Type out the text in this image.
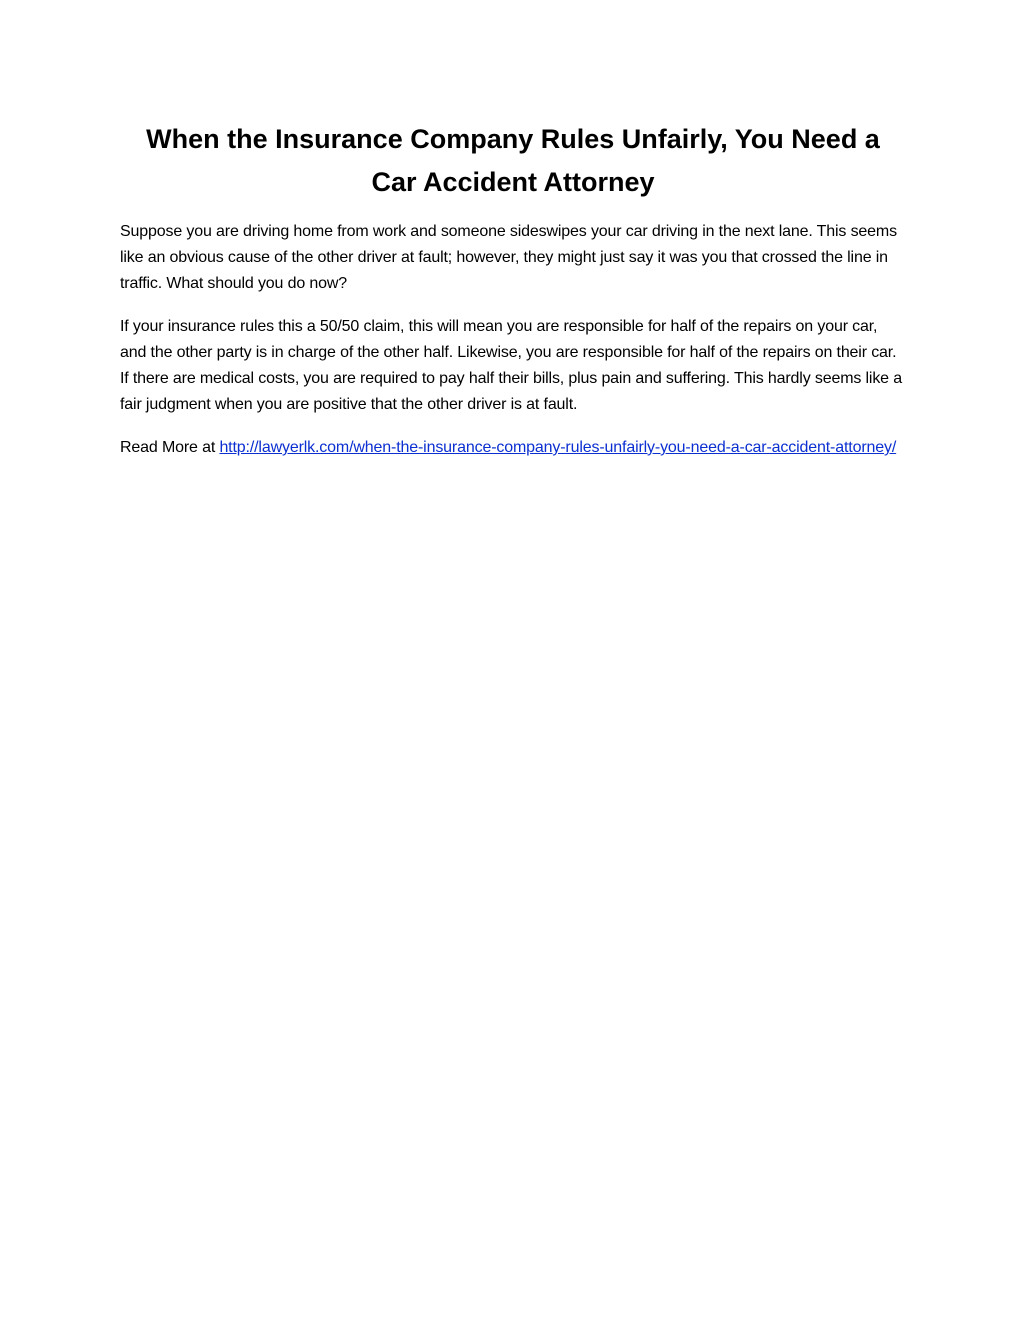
When the Insurance Company Rules Unfairly, You Need a Car Accident Attorney

Suppose you are driving home from work and someone sideswipes your car driving in the next lane. This seems like an obvious cause of the other driver at fault; however, they might just say it was you that crossed the line in traffic. What should you do now?

If your insurance rules this a 50/50 claim, this will mean you are responsible for half of the repairs on your car, and the other party is in charge of the other half. Likewise, you are responsible for half of the repairs on their car. If there are medical costs, you are required to pay half their bills, plus pain and suffering. This hardly seems like a fair judgment when you are positive that the other driver is at fault.

Read More at http://lawyerlk.com/when-the-insurance-company-rules-unfairly-you-need-a-car-accident-attorney/
